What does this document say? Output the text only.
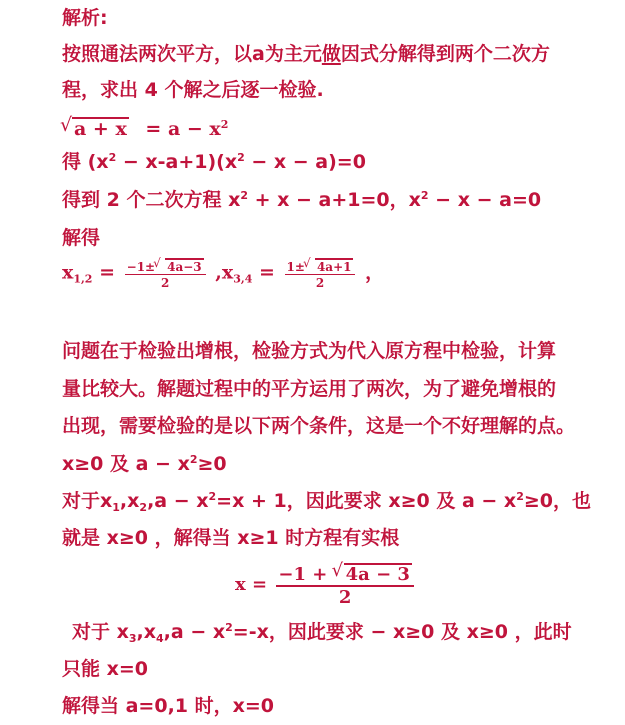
解析:
按照通法两次平方，以a为主元做因式分解得到两个二次方
程，求出 4 个解之后逐一检验.
√ $a + x = a - x^2$
得 $(x^2 - x-a+1)(x^2 - x - a)=0$
得到 2 个二次方程 $x^2 + x - a+1=0$，$x^2 - x - a=0$
解得
$x_{1,2} = \frac{-1\pm √ 4a-3}{2} ,x_{3,4} = \frac{1\pm √ 4a+1}{2}$ ，
问题在于检验出增根，检验方式为代入原方程中检验，计算
量比较大。解题过程中的平方运用了两次，为了避免增根的
出现，需要检验的是以下两个条件，这是一个不好理解的点。
x≥0 及 $a - x^2\ge 0$
对于$x_1,x_2,a - x^2=x + 1$，因此要求 x≥0 及 $a - x^2\ge 0$，也
就是 x≥0 ，解得当 x≥1 时方程有实根
$x = \frac{-1 + √ 4a - 3}{2}$
对于 $x_3,x_4,a - x^2=-x$，因此要求 − x≥0 及 x≥0 ，此时
只能 x=0
解得当 a=0,1 时，x=0
